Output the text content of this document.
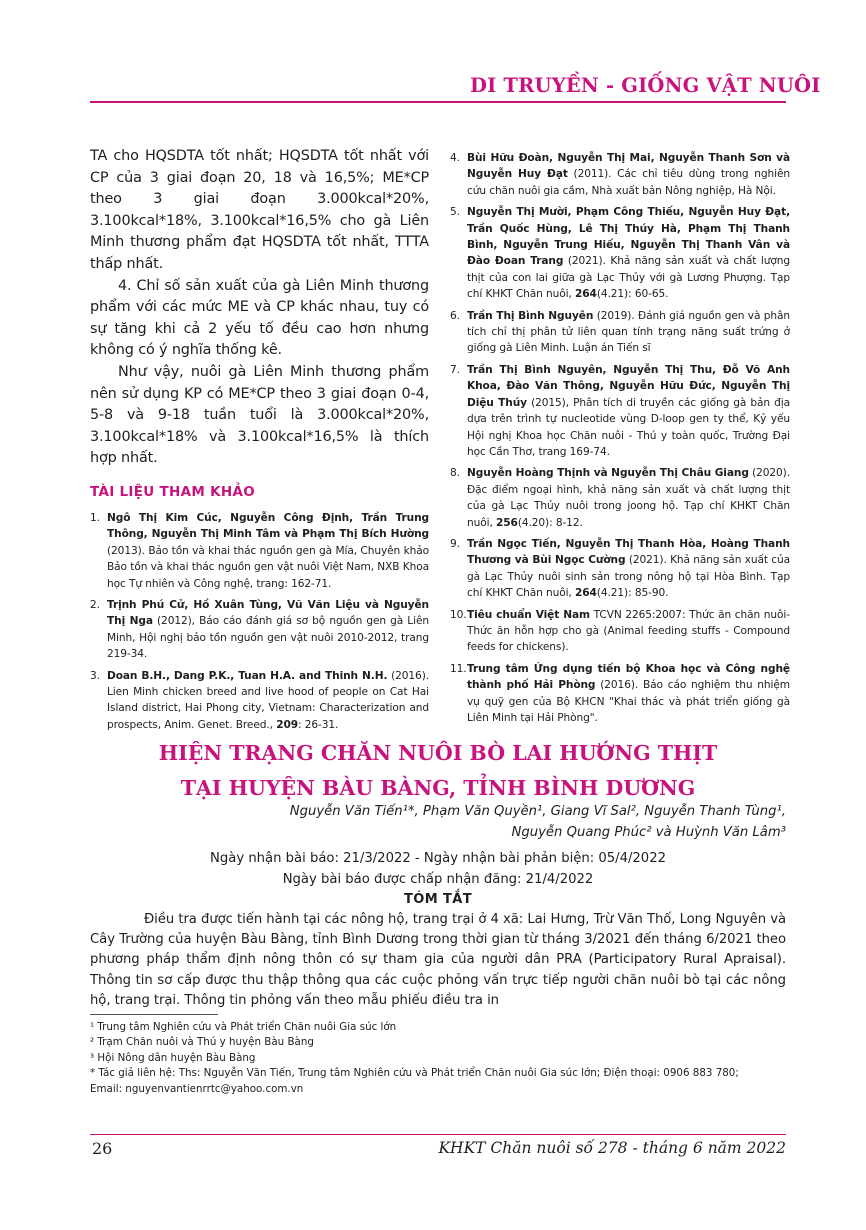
DI TRUYỀN - GIỐNG VẬT NUÔI

TA cho HQSDTA tốt nhất; HQSDTA tốt nhất với CP của 3 giai đoạn 20, 18 và 16,5%; ME*CP theo 3 giai đoạn 3.000kcal*20%, 3.100kcal*18%, 3.100kcal*16,5% cho gà Liên Minh thương phẩm đạt HQSDTA tốt nhất, TTTA thấp nhất.

4. Chỉ số sản xuất của gà Liên Minh thương phẩm với các mức ME và CP khác nhau, tuy có sự tăng khi cả 2 yếu tố đều cao hơn nhưng không có ý nghĩa thống kê.

Như vậy, nuôi gà Liên Minh thương phẩm nên sử dụng KP có ME*CP theo 3 giai đoạn 0-4, 5-8 và 9-18 tuần tuổi là 3.000kcal*20%, 3.100kcal*18% và 3.100kcal*16,5% là thích hợp nhất.

TÀI LIỆU THAM KHẢO
1. Ngô Thị Kim Cúc, Nguyễn Công Định, Trần Trung Thông, Nguyễn Thị Minh Tâm và Phạm Thị Bích Hường (2013). Bảo tồn và khai thác nguồn gen gà Mía, Chuyên khảo Bảo tồn và khai thác nguồn gen vật nuôi Việt Nam, NXB Khoa học Tự nhiên và Công nghệ, trang: 162-71.
2. Trịnh Phú Cử, Hồ Xuân Tùng, Vũ Văn Liệu và Nguyễn Thị Nga (2012), Báo cáo đánh giá sơ bộ nguồn gen gà Liên Minh, Hội nghị bảo tồn nguồn gen vật nuôi 2010-2012, trang 219-34.
3. Doan B.H., Dang P.K., Tuan H.A. and Thinh N.H. (2016). Lien Minh chicken breed and live hood of people on Cat Hai Island district, Hai Phong city, Vietnam: Characterization and prospects, Anim. Genet. Breed., 209: 26-31.
4. Bùi Hữu Đoàn, Nguyễn Thị Mai, Nguyễn Thanh Sơn và Nguyễn Huy Đạt (2011). Các chỉ tiêu dùng trong nghiên cứu chăn nuôi gia cầm, Nhà xuất bản Nông nghiệp, Hà Nội.
5. Nguyễn Thị Mười, Phạm Công Thiếu, Nguyễn Huy Đạt, Trần Quốc Hùng, Lê Thị Thúy Hà, Phạm Thị Thanh Bình, Nguyễn Trung Hiếu, Nguyễn Thị Thanh Vân và Đào Đoan Trang (2021). Khả năng sản xuất và chất lượng thịt của con lai giữa gà Lạc Thủy với gà Lương Phượng. Tạp chí KHKT Chăn nuôi, 264(4.21): 60-65.
6. Trần Thị Bình Nguyên (2019). Đánh giá nguồn gen và phân tích chỉ thị phân tử liên quan tính trạng năng suất trứng ở giống gà Liên Minh. Luận án Tiến sĩ
7. Trần Thị Bình Nguyên, Nguyễn Thị Thu, Đỗ Võ Anh Khoa, Đào Văn Thông, Nguyễn Hữu Đức, Nguyễn Thị Diệu Thúy (2015), Phân tích di truyền các giống gà bản địa dựa trên trình tự nucleotide vùng D-loop gen ty thể, Kỷ yếu Hội nghị Khoa học Chăn nuôi - Thú y toàn quốc, Trường Đại học Cần Thơ, trang 169-74.
8. Nguyễn Hoàng Thịnh và Nguyễn Thị Châu Giang (2020). Đặc điểm ngoại hình, khả năng sản xuất và chất lượng thịt của gà Lạc Thủy nuôi trong joong hộ. Tạp chí KHKT Chăn nuôi, 256(4.20): 8-12.
9. Trần Ngọc Tiến, Nguyễn Thị Thanh Hòa, Hoàng Thanh Thương và Bùi Ngọc Cường (2021). Khả năng sản xuất của gà Lạc Thủy nuôi sinh sản trong nông hộ tại Hòa Bình. Tạp chí KHKT Chăn nuôi, 264(4.21): 85-90.
10. Tiêu chuẩn Việt Nam TCVN 2265:2007: Thức ăn chăn nuôi-Thức ăn hỗn hợp cho gà (Animal feeding stuffs - Compound feeds for chickens).
11. Trung tâm Ứng dụng tiến bộ Khoa học và Công nghệ thành phố Hải Phòng (2016). Báo cáo nghiệm thu nhiệm vụ quỹ gen của Bộ KHCN "Khai thác và phát triển giống gà Liên Minh tại Hải Phòng".
HIỆN TRẠNG CHĂN NUÔI BÒ LAI HƯỚNG THỊT
TẠI HUYỆN BÀU BÀNG, TỈNH BÌNH DƯƠNG
Nguyễn Văn Tiến¹*, Phạm Văn Quyền¹, Giang Vĩ Sal², Nguyễn Thanh Tùng¹,
Nguyễn Quang Phúc² và Huỳnh Văn Lâm³
Ngày nhận bài báo: 21/3/2022 - Ngày nhận bài phản biện: 05/4/2022
Ngày bài báo được chấp nhận đăng: 21/4/2022
TÓM TẮT

Điều tra được tiến hành tại các nông hộ, trang trại ở 4 xã: Lai Hưng, Trừ Văn Thố, Long Nguyên và Cây Trường của huyện Bàu Bàng, tỉnh Bình Dương trong thời gian từ tháng 3/2021 đến tháng 6/2021 theo phương pháp thẩm định nông thôn có sự tham gia của người dân PRA (Participatory Rural Apraisal). Thông tin sơ cấp được thu thập thông qua các cuộc phỏng vấn trực tiếp người chăn nuôi bò tại các nông hộ, trang trại. Thông tin phỏng vấn theo mẫu phiếu điều tra in

¹ Trung tâm Nghiên cứu và Phát triển Chăn nuôi Gia súc lớn
² Trạm Chăn nuôi và Thú y huyện Bàu Bàng
³ Hội Nông dân huyện Bàu Bàng
* Tác giả liên hệ: Ths: Nguyễn Văn Tiến, Trung tâm Nghiên cứu và Phát triển Chăn nuôi Gia súc lớn; Điện thoại: 0906 883 780;
Email: nguyenvantienrrtc@yahoo.com.vn
26	KHKT Chăn nuôi số 278 - tháng 6 năm 2022
